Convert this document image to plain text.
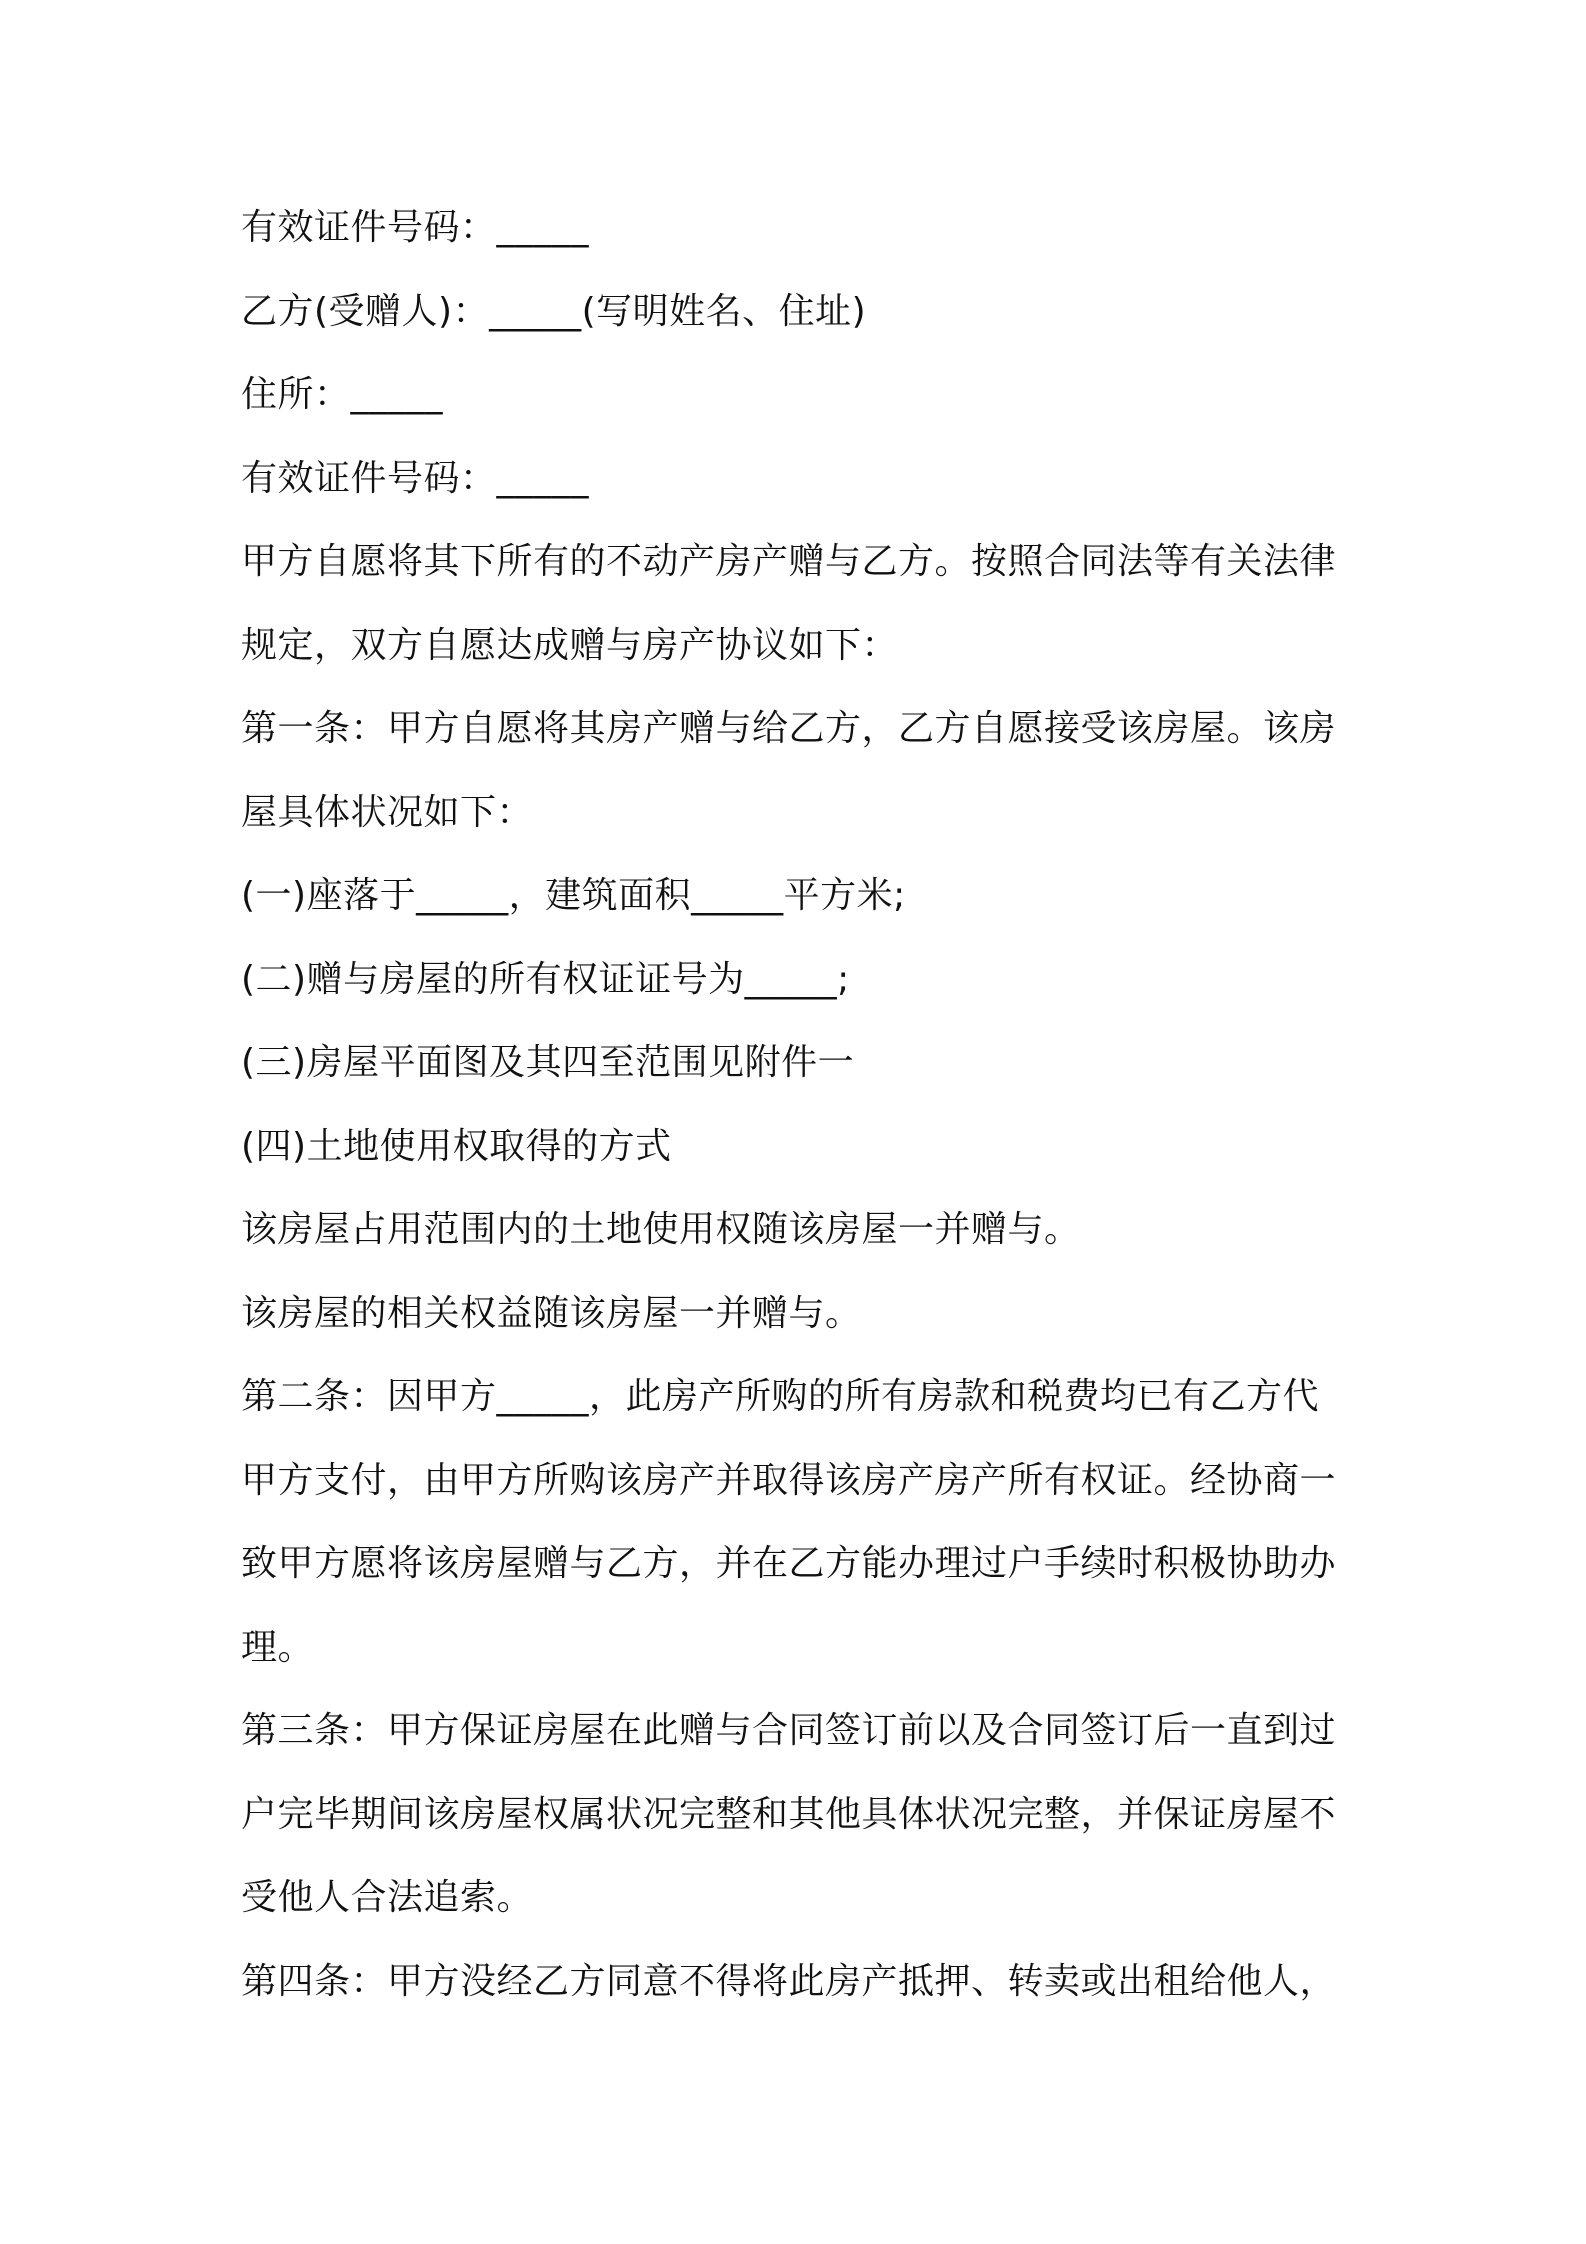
有效证件号码：_____
乙方(受赠人)：_____(写明姓名、住址)
住所：_____
有效证件号码：_____
甲方自愿将其下所有的不动产房产赠与乙方。按照合同法等有关法律
规定，双方自愿达成赠与房产协议如下：
第一条：甲方自愿将其房产赠与给乙方，乙方自愿接受该房屋。该房
屋具体状况如下：
(一)座落于_____，建筑面积_____平方米;
(二)赠与房屋的所有权证证号为_____;
(三)房屋平面图及其四至范围见附件一
(四)土地使用权取得的方式
该房屋占用范围内的土地使用权随该房屋一并赠与。
该房屋的相关权益随该房屋一并赠与。
第二条：因甲方_____，此房产所购的所有房款和税费均已有乙方代
甲方支付，由甲方所购该房产并取得该房产房产所有权证。经协商一
致甲方愿将该房屋赠与乙方，并在乙方能办理过户手续时积极协助办
理。
第三条：甲方保证房屋在此赠与合同签订前以及合同签订后一直到过
户完毕期间该房屋权属状况完整和其他具体状况完整，并保证房屋不
受他人合法追索。
第四条：甲方没经乙方同意不得将此房产抵押、转卖或出租给他人，
